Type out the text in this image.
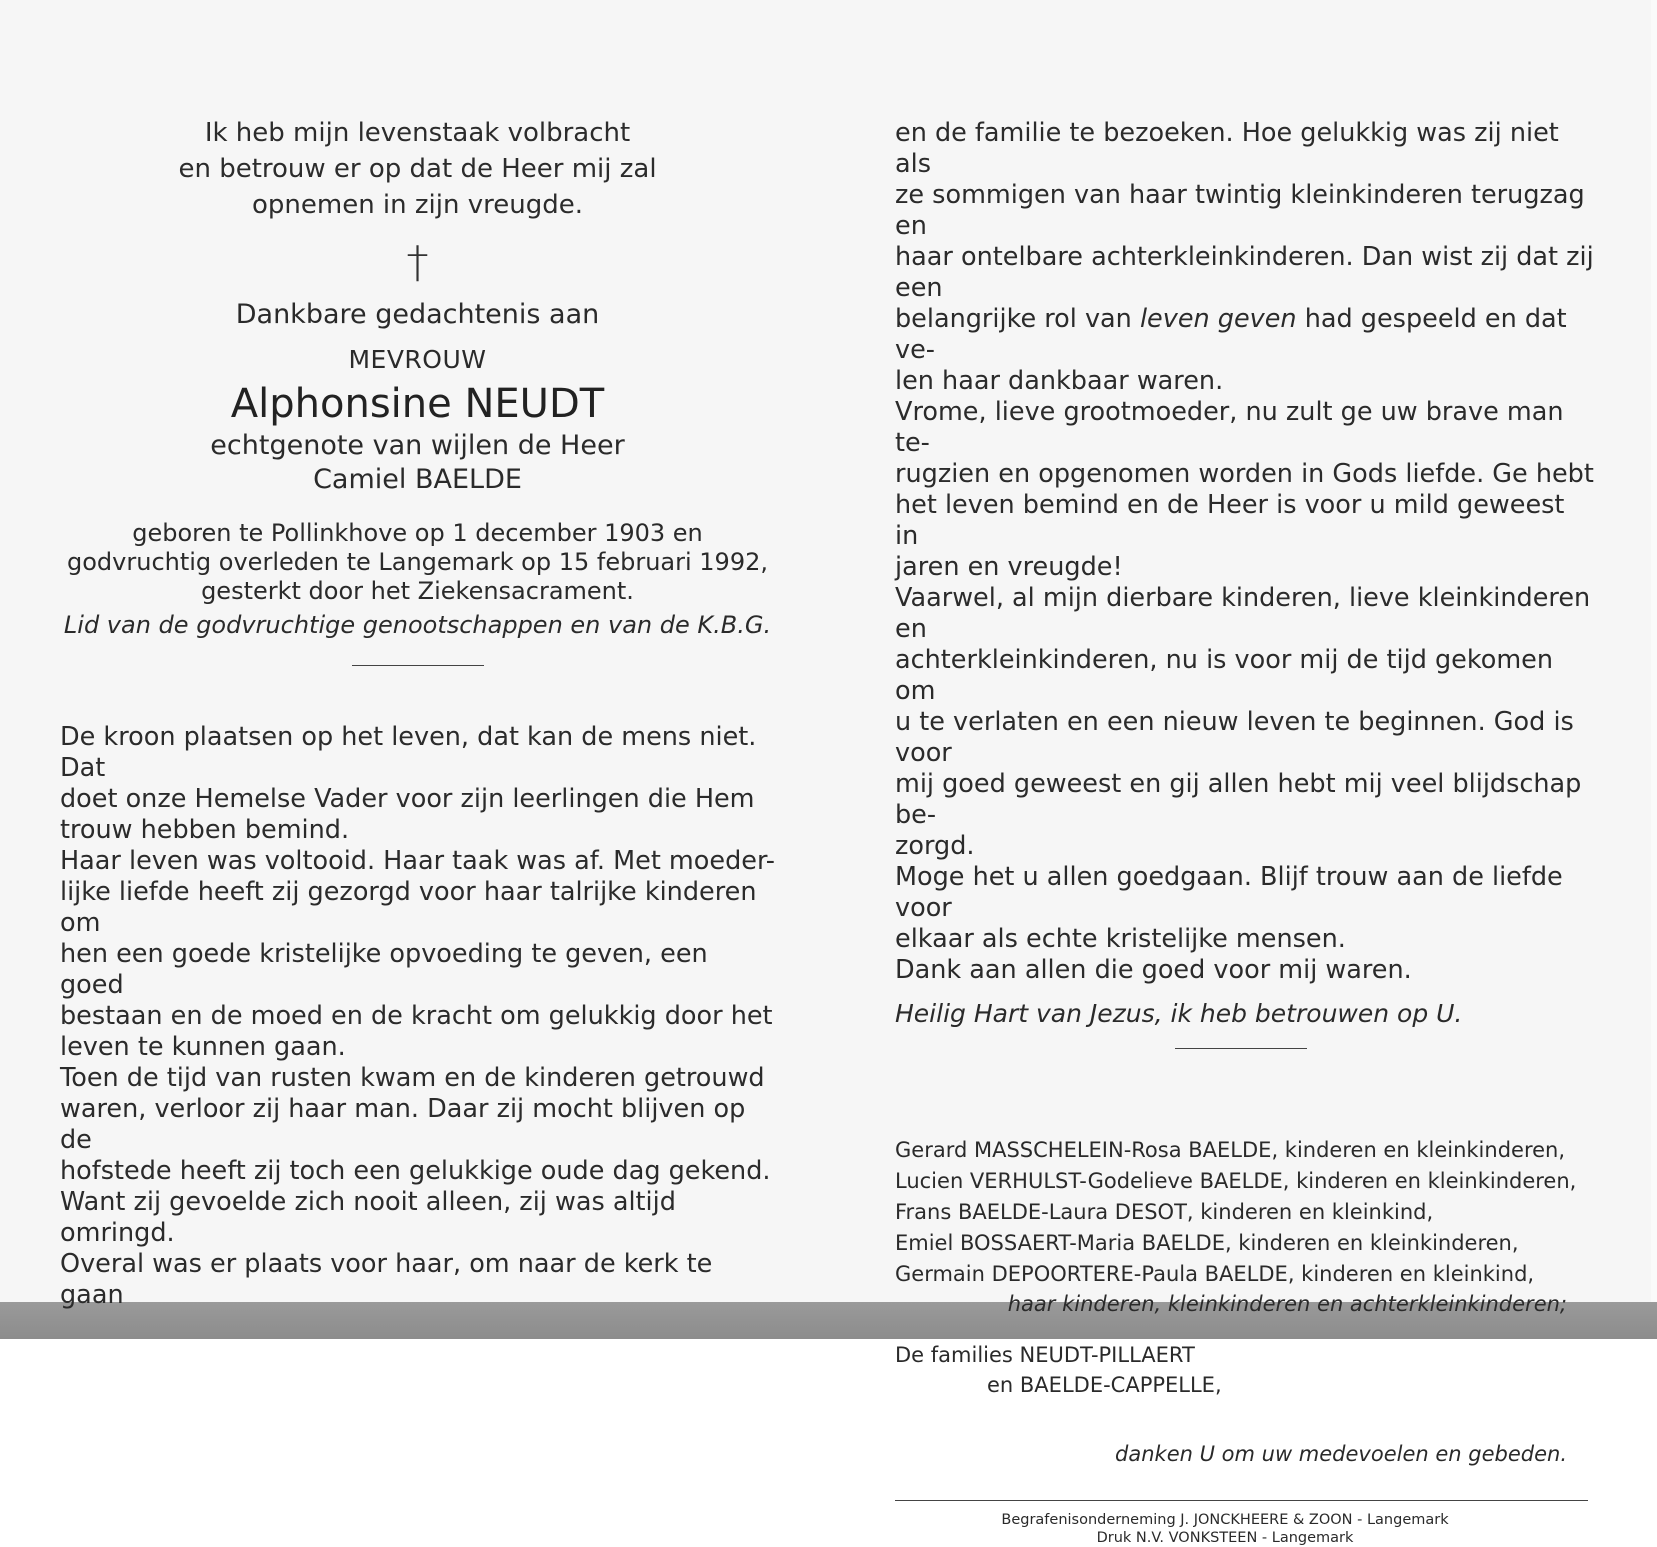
Ik heb mijn levenstaak volbracht
en betrouw er op dat de Heer mij zal
opnemen in zijn vreugde.
†
Dankbare gedachtenis aan
MEVROUW
Alphonsine NEUDT
echtgenote van wijlen de Heer
Camiel BAELDE
geboren te Pollinkhove op 1 december 1903 en
godvruchtig overleden te Langemark op 15 februari 1992,
gesterkt door het Ziekensacrament.
Lid van de godvruchtige genootschappen en van de K.B.G.
De kroon plaatsen op het leven, dat kan de mens niet. Dat
doet onze Hemelse Vader voor zijn leerlingen die Hem
trouw hebben bemind.
Haar leven was voltooid. Haar taak was af. Met moeder-
lijke liefde heeft zij gezorgd voor haar talrijke kinderen om
hen een goede kristelijke opvoeding te geven, een goed
bestaan en de moed en de kracht om gelukkig door het
leven te kunnen gaan.
Toen de tijd van rusten kwam en de kinderen getrouwd
waren, verloor zij haar man. Daar zij mocht blijven op de
hofstede heeft zij toch een gelukkige oude dag gekend.
Want zij gevoelde zich nooit alleen, zij was altijd omringd.
Overal was er plaats voor haar, om naar de kerk te gaan
en de familie te bezoeken. Hoe gelukkig was zij niet als
ze sommigen van haar twintig kleinkinderen terugzag en
haar ontelbare achterkleinkinderen. Dan wist zij dat zij een
belangrijke rol van leven geven had gespeeld en dat ve-
len haar dankbaar waren.
Vrome, lieve grootmoeder, nu zult ge uw brave man te-
rugzien en opgenomen worden in Gods liefde. Ge hebt
het leven bemind en de Heer is voor u mild geweest in
jaren en vreugde!
Vaarwel, al mijn dierbare kinderen, lieve kleinkinderen en
achterkleinkinderen, nu is voor mij de tijd gekomen om
u te verlaten en een nieuw leven te beginnen. God is voor
mij goed geweest en gij allen hebt mij veel blijdschap be-
zorgd.
Moge het u allen goedgaan. Blijf trouw aan de liefde voor
elkaar als echte kristelijke mensen.
Dank aan allen die goed voor mij waren.
Heilig Hart van Jezus, ik heb betrouwen op U.
Gerard MASSCHELEIN-Rosa BAELDE, kinderen en kleinkinderen,
Lucien VERHULST-Godelieve BAELDE, kinderen en kleinkinderen,
Frans BAELDE-Laura DESOT, kinderen en kleinkind,
Emiel BOSSAERT-Maria BAELDE, kinderen en kleinkinderen,
Germain DEPOORTERE-Paula BAELDE, kinderen en kleinkind,
haar kinderen, kleinkinderen en achterkleinkinderen;
De families NEUDT-PILLAERT
en BAELDE-CAPPELLE,
danken U om uw medevoelen en gebeden.
Begrafenisonderneming J. JONCKHEERE & ZOON - Langemark
Druk N.V. VONKSTEEN - Langemark
